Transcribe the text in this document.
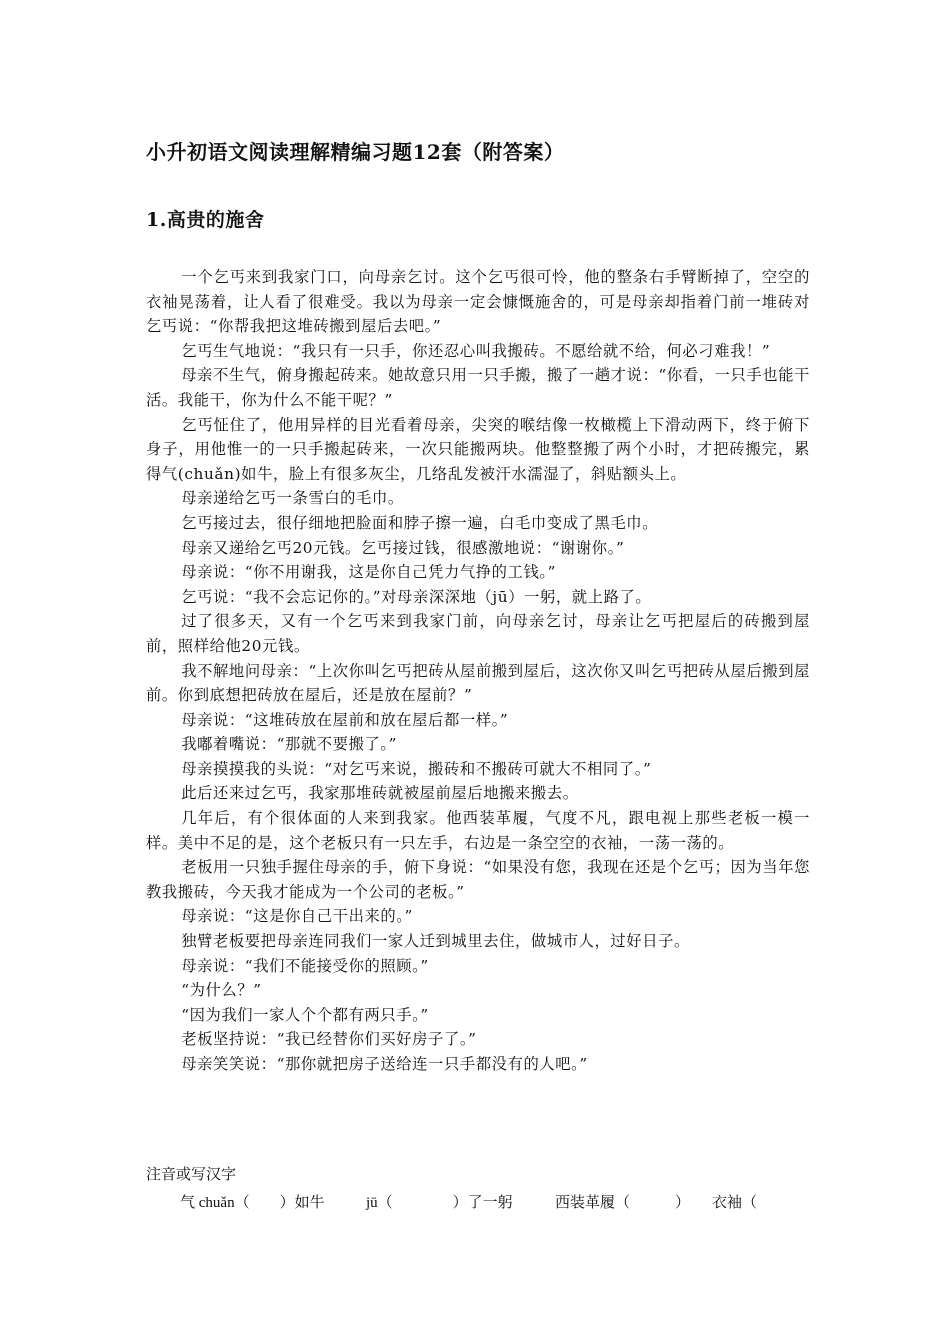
小升初语文阅读理解精编习题12套（附答案）
1.高贵的施舍

一个乞丐来到我家门口，向母亲乞讨。这个乞丐很可怜，他的整条右手臂断掉了，空空的衣袖晃荡着，让人看了很难受。我以为母亲一定会慷慨施舍的，可是母亲却指着门前一堆砖对乞丐说：“你帮我把这堆砖搬到屋后去吧。”

乞丐生气地说：“我只有一只手，你还忍心叫我搬砖。不愿给就不给，何必刁难我！”

母亲不生气，俯身搬起砖来。她故意只用一只手搬，搬了一趟才说：“你看，一只手也能干活。我能干，你为什么不能干呢？”

乞丐怔住了，他用异样的目光看着母亲，尖突的喉结像一枚橄榄上下滑动两下，终于俯下身子，用他惟一的一只手搬起砖来，一次只能搬两块。他整整搬了两个小时，才把砖搬完，累得气(chuǎn)如牛，脸上有很多灰尘，几络乱发被汗水濡湿了，斜贴额头上。

母亲递给乞丐一条雪白的毛巾。

乞丐接过去，很仔细地把脸面和脖子擦一遍，白毛巾变成了黑毛巾。

母亲又递给乞丐20元钱。乞丐接过钱，很感激地说：“谢谢你。”

母亲说：“你不用谢我，这是你自己凭力气挣的工钱。”

乞丐说：“我不会忘记你的。”对母亲深深地（jū）一躬，就上路了。

过了很多天，又有一个乞丐来到我家门前，向母亲乞讨，母亲让乞丐把屋后的砖搬到屋前，照样给他20元钱。

我不解地问母亲：“上次你叫乞丐把砖从屋前搬到屋后，这次你又叫乞丐把砖从屋后搬到屋前。你到底想把砖放在屋后，还是放在屋前？”

母亲说：“这堆砖放在屋前和放在屋后都一样。”

我嘟着嘴说：“那就不要搬了。”

母亲摸摸我的头说：“对乞丐来说，搬砖和不搬砖可就大不相同了。”

此后还来过乞丐，我家那堆砖就被屋前屋后地搬来搬去。

几年后，有个很体面的人来到我家。他西装革履，气度不凡，跟电视上那些老板一模一样。美中不足的是，这个老板只有一只左手，右边是一条空空的衣袖，一荡一荡的。

老板用一只独手握住母亲的手，俯下身说：“如果没有您，我现在还是个乞丐；因为当年您教我搬砖，今天我才能成为一个公司的老板。”

母亲说：“这是你自己干出来的。”

独臂老板要把母亲连同我们一家人迁到城里去住，做城市人，过好日子。

母亲说：“我们不能接受你的照顾。”

“为什么？”

“因为我们一家人个个都有两只手。”

老板坚持说：“我已经替你们买好房子了。”

母亲笑笑说：“那你就把房子送给连一只手都没有的人吧。”

注音或写汉字
气 chuǎn（　　）如牛	jū（　　　　）了一躬	西装革履（　　　） 衣袖（
